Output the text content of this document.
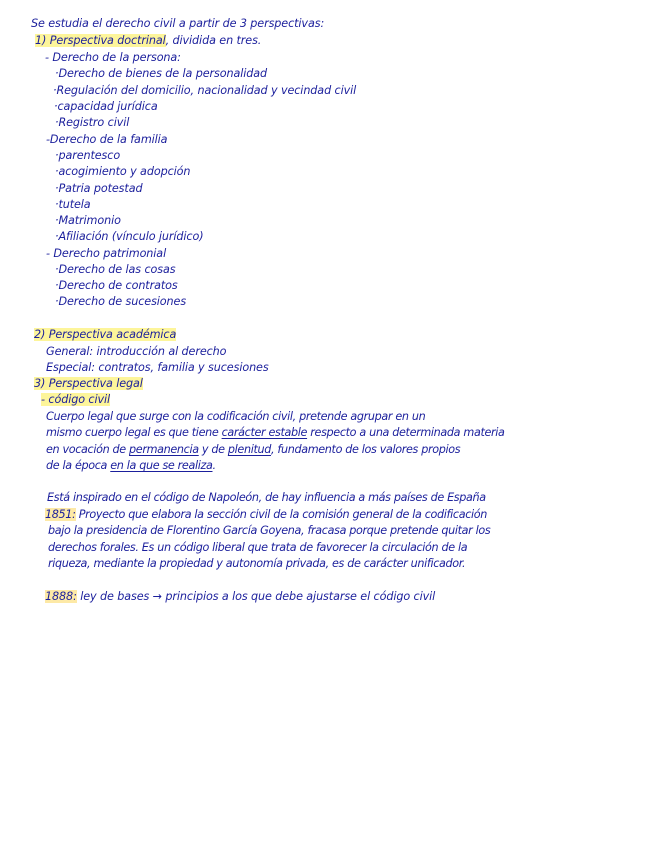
Se estudia el derecho civil a partir de 3 perspectivas:
1) Perspectiva doctrinal, dividida en tres.
- Derecho de la persona:
·Derecho de bienes de la personalidad
·Regulación del domicilio, nacionalidad y vecindad civil
·capacidad jurídica
·Registro civil
-Derecho de la familia
·parentesco
·acogimiento y adopción
·Patria potestad
·tutela
·Matrimonio
·Afiliación (vínculo jurídico)
- Derecho patrimonial
·Derecho de las cosas
·Derecho de contratos
·Derecho de sucesiones
2) Perspectiva académica
General: introducción al derecho
Especial: contratos, familia y sucesiones
3) Perspectiva legal
- código civil
Cuerpo legal que surge con la codificación civil, pretende agrupar en un
mismo cuerpo legal es que tiene carácter estable respecto a una determinada materia
en vocación de permanencia y de plenitud, fundamento de los valores propios
de la época en la que se realiza.
Está inspirado en el código de Napoleón, de hay influencia a más países de España
1851: Proyecto que elabora la sección civil de la comisión general de la codificación
bajo la presidencia de Florentino García Goyena, fracasa porque pretende quitar los
derechos forales. Es un código liberal que trata de favorecer la circulación de la
riqueza, mediante la propiedad y autonomía privada, es de carácter unificador.
1888: ley de bases → principios a los que debe ajustarse el código civil
